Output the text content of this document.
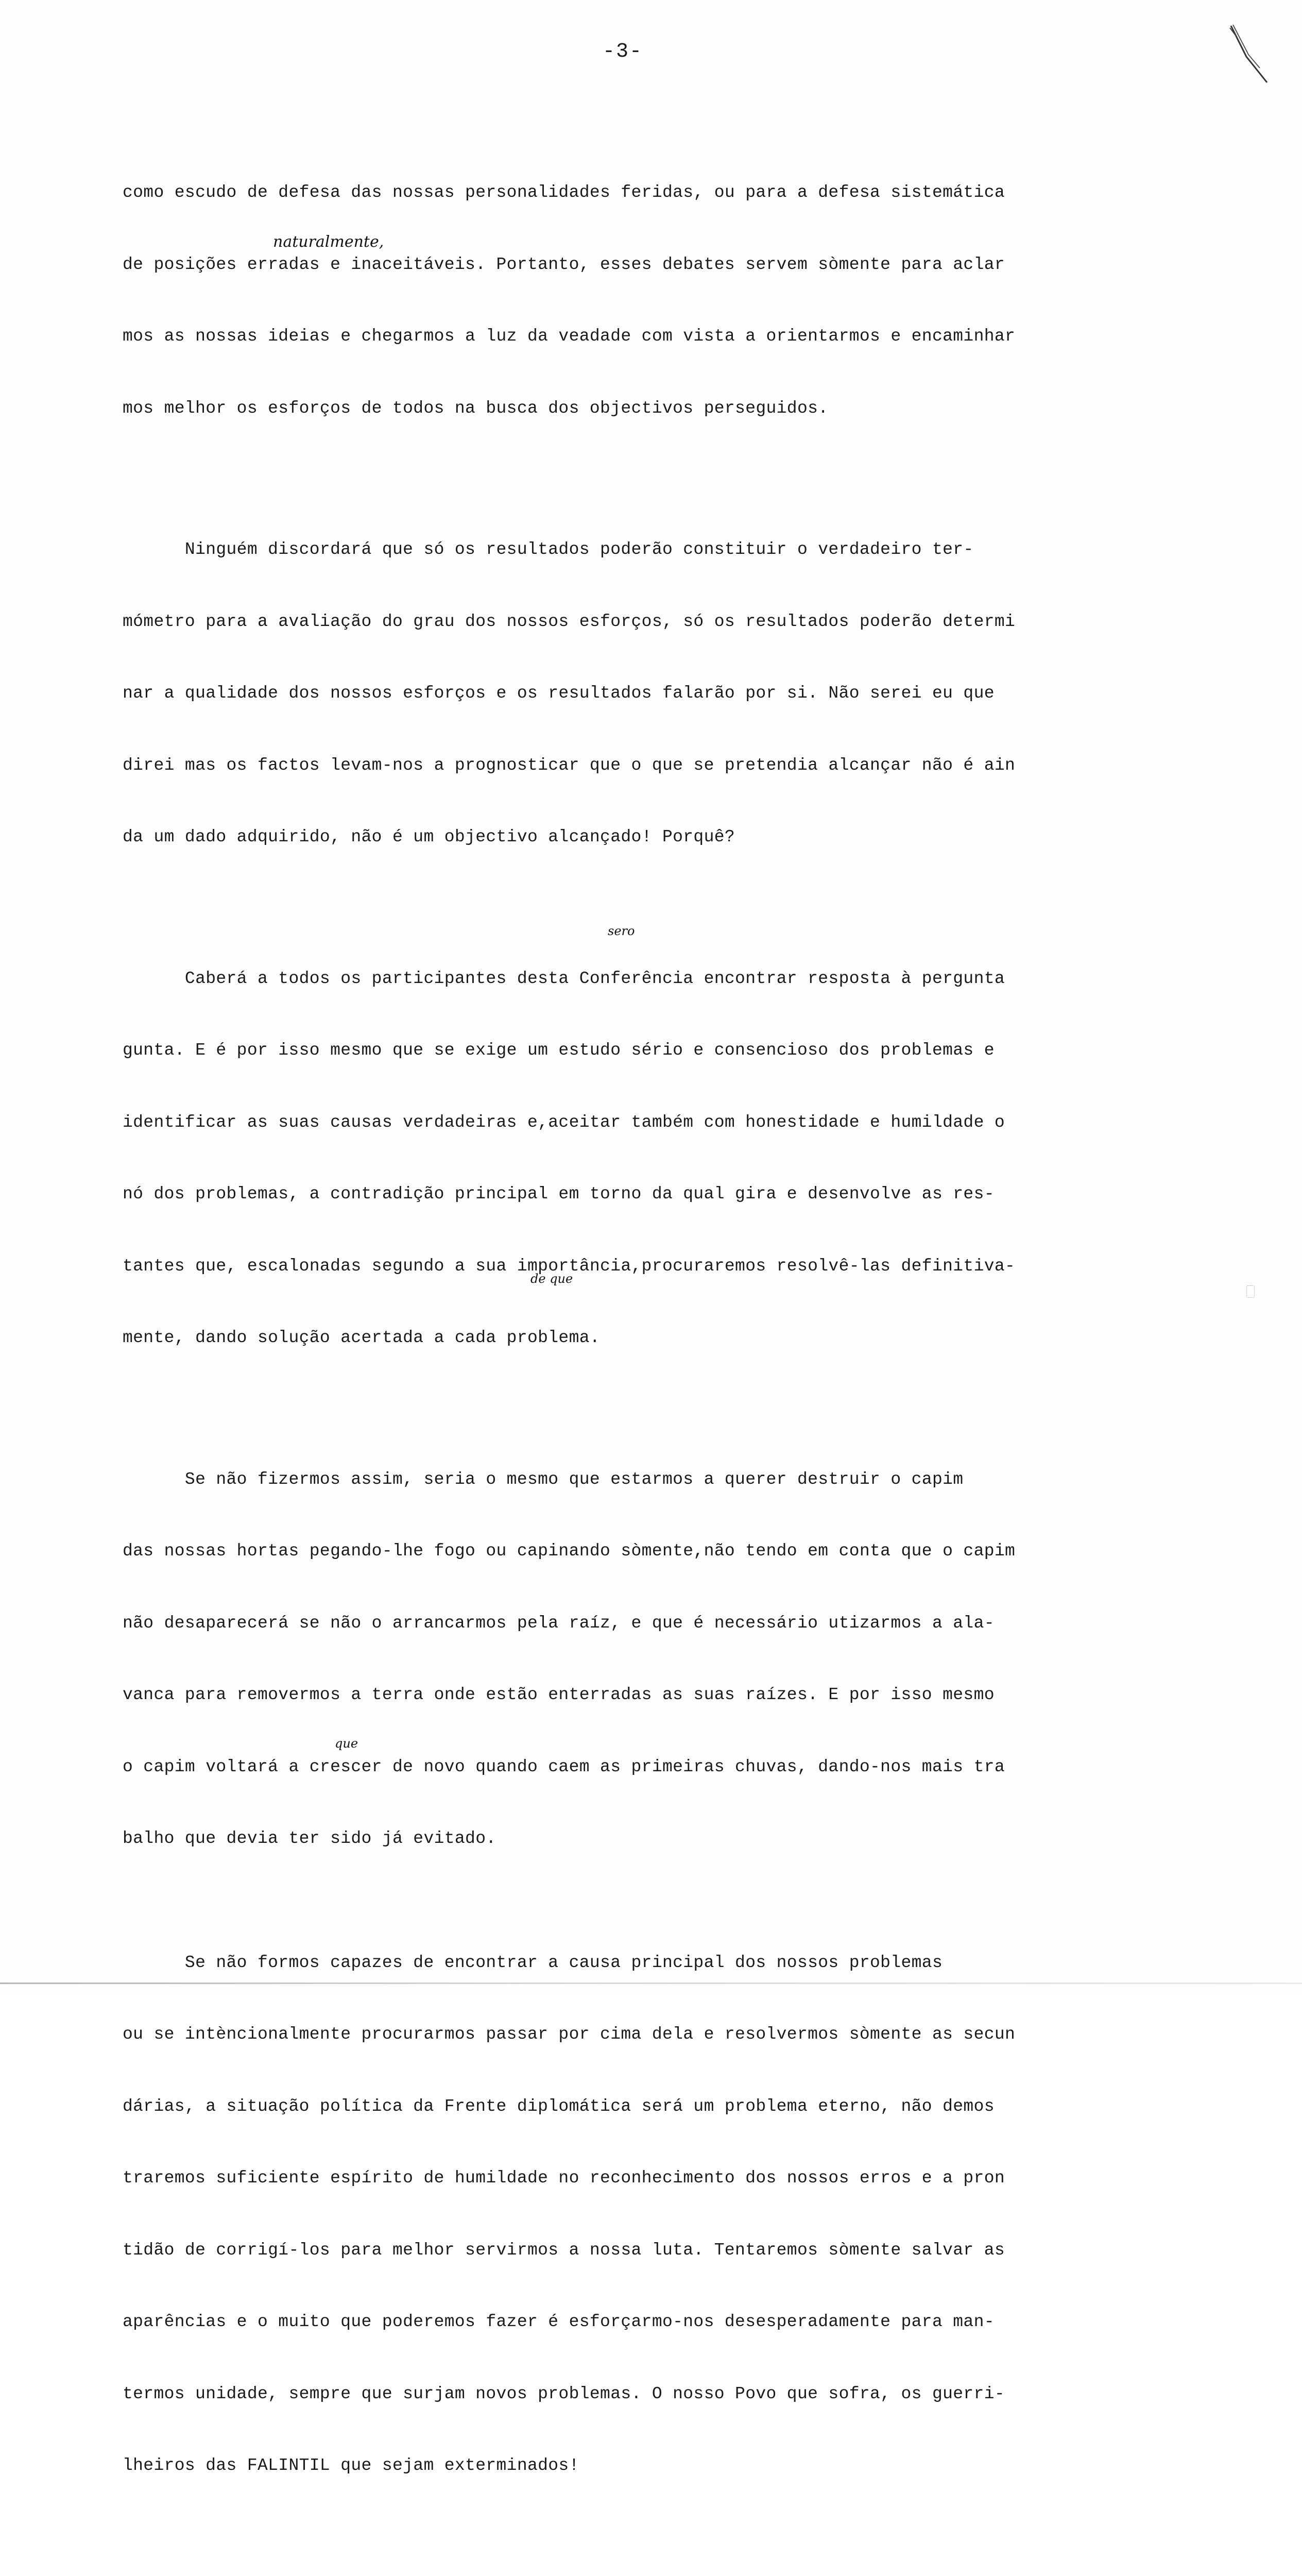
-3-
naturalmente,
sero
de que
que

como escudo de defesa das nossas personalidades feridas, ou para a defesa sistemática

de posições erradas e inaceitáveis. Portanto, esses debates servem sòmente para aclar

mos as nossas ideias e chegarmos a luz da veadade com vista a orientarmos e encaminhar

mos melhor os esforços de todos na busca dos objectivos perseguidos.

Ninguém discordará que só os resultados poderão constituir o verdadeiro ter-

mómetro para a avaliação do grau dos nossos esforços, só os resultados poderão determi

nar a qualidade dos nossos esforços e os resultados falarão por si. Não serei eu que

direi mas os factos levam-nos a prognosticar que o que se pretendia alcançar não é ain

da um dado adquirido, não é um objectivo alcançado! Porquê?

Caberá a todos os participantes desta Conferência encontrar resposta à perguntа

gunta. E é por isso mesmo que se exige um estudo sério e consencioso dos problemas e

identificar as suas causas verdadeiras e,aceitar também com honestidade e humildade o

nó dos problemas, a contradição principal em torno da qual gira e desenvolve as res-

tantes que, escalonadas segundo a sua importância,procuraremos resolvê-las definitiva-

mente, dando solução acertada a cada problema.

Se não fizermos assim, seria o mesmo que estarmos a querer destruir o capim

das nossas hortas pegando-lhe fogo ou capinando sòmente,não tendo em conta que o capim

não desaparecerá se não o arrancarmos pela raíz, e que é necessário utizarmos a ala-

vanca para removermos a terra onde estão enterradas as suas raízes. E por isso mesmo

o capim voltará a crescer de novo quando caem as primeiras chuvas, dando-nos mais tra

balho que devia ter sido já evitado.

Se não formos capazes de encontrar a causa principal dos nossos problemas

ou se intèncionalmente procurarmos passar por cima dela e resolvermos sòmente as secun

dárias, a situação política da Frente diplomática será um problema eterno, não demos

traremos suficiente espírito de humildade no reconhecimento dos nossos erros e a pron

tidão de corrigí-los para melhor servirmos a nossa luta. Tentaremos sòmente salvar as

aparências e o muito que poderemos fazer é esforçarmo-nos desesperadamente para man-

termos unidade, sempre que surjam novos problemas. O nosso Povo que sofra, os guerri-

lheiros das FALINTIL que sejam exterminados!
